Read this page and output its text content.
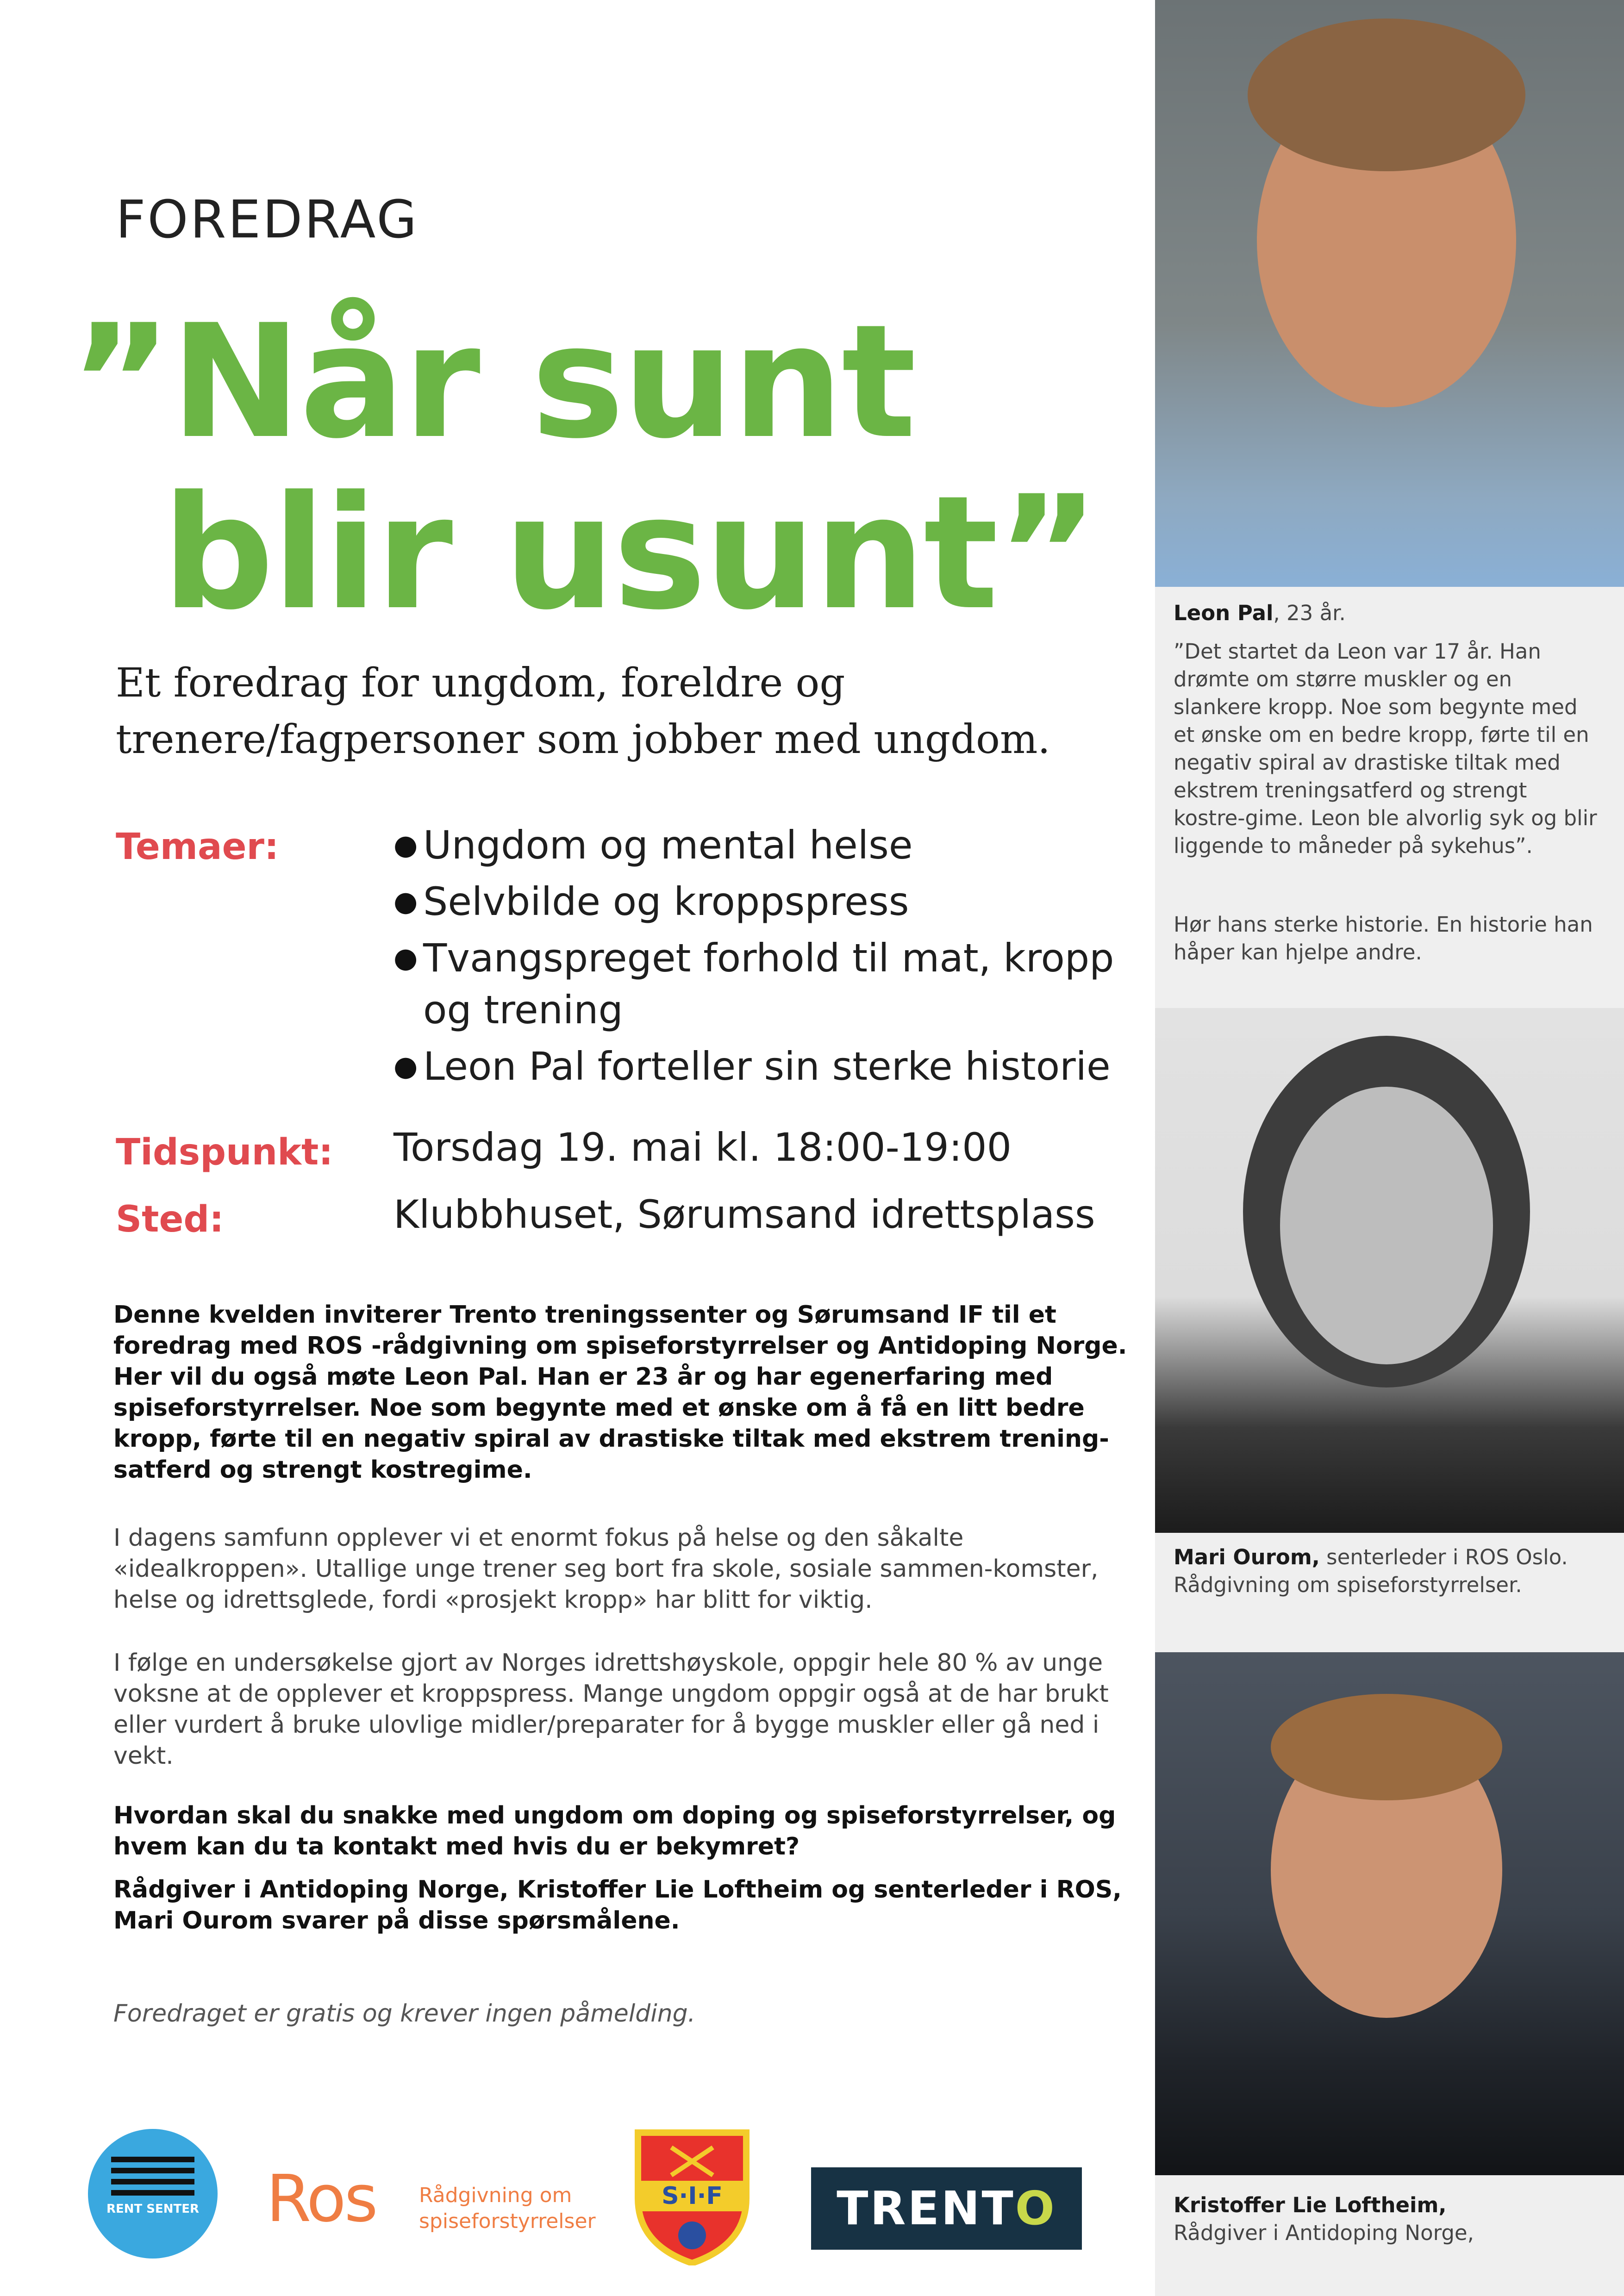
FOREDRAG
”Når sunt
blir usunt”
Et foredrag for ungdom, foreldre og trenere/fagpersoner som jobber med ungdom.
Temaer:	● Ungdom og mental helse
● Selvbilde og kroppspress
● Tvangspreget forhold til mat, kropp og trening
● Leon Pal forteller sin sterke historie
Tidspunkt: Torsdag 19. mai kl. 18:00-19:00
Sted:	Klubbhuset, Sørumsand idrettsplass
Denne kvelden inviterer Trento treningssenter og Sørumsand IF til et foredrag med ROS -rådgivning om spiseforstyrrelser og Antidoping Norge. Her vil du også møte Leon Pal. Han er 23 år og har egenerfaring med spiseforstyrrelser. Noe som begynte med et ønske om å få en litt bedre kropp, førte til en negativ spiral av drastiske tiltak med ekstrem trening-satferd og strengt kostregime.
I dagens samfunn opplever vi et enormt fokus på helse og den såkalte «idealkroppen». Utallige unge trener seg bort fra skole, sosiale sammen-komster, helse og idrettsglede, fordi «prosjekt kropp» har blitt for viktig.
I følge en undersøkelse gjort av Norges idrettshøyskole, oppgir hele 80 % av unge voksne at de opplever et kroppspress. Mange ungdom oppgir også at de har brukt eller vurdert å bruke ulovlige midler/preparater for å bygge muskler eller gå ned i vekt.
Hvordan skal du snakke med ungdom om doping og spiseforstyrrelser, og hvem kan du ta kontakt med hvis du er bekymret?
Rådgiver i Antidoping Norge, Kristoffer Lie Loftheim og senterleder i ROS, Mari Ourom svarer på disse spørsmålene.
Foredraget er gratis og krever ingen påmelding.
Leon Pal, 23 år.
”Det startet da Leon var 17 år. Han drømte om større muskler og en slankere kropp. Noe som begynte med et ønske om en bedre kropp, førte til en negativ spiral av drastiske tiltak med ekstrem treningsatferd og strengt kostre-gime. Leon ble alvorlig syk og blir liggende to måneder på sykehus”.
Hør hans sterke historie. En historie han håper kan hjelpe andre.
Mari Ourom, senterleder i ROS Oslo.
Rådgivning om spiseforstyrrelser.
Kristoffer Lie Loftheim,
Rådgiver i Antidoping Norge,
RENT SENTER Ros Rådgivning om spiseforstyrrelser
S·I·F	TRENTO
